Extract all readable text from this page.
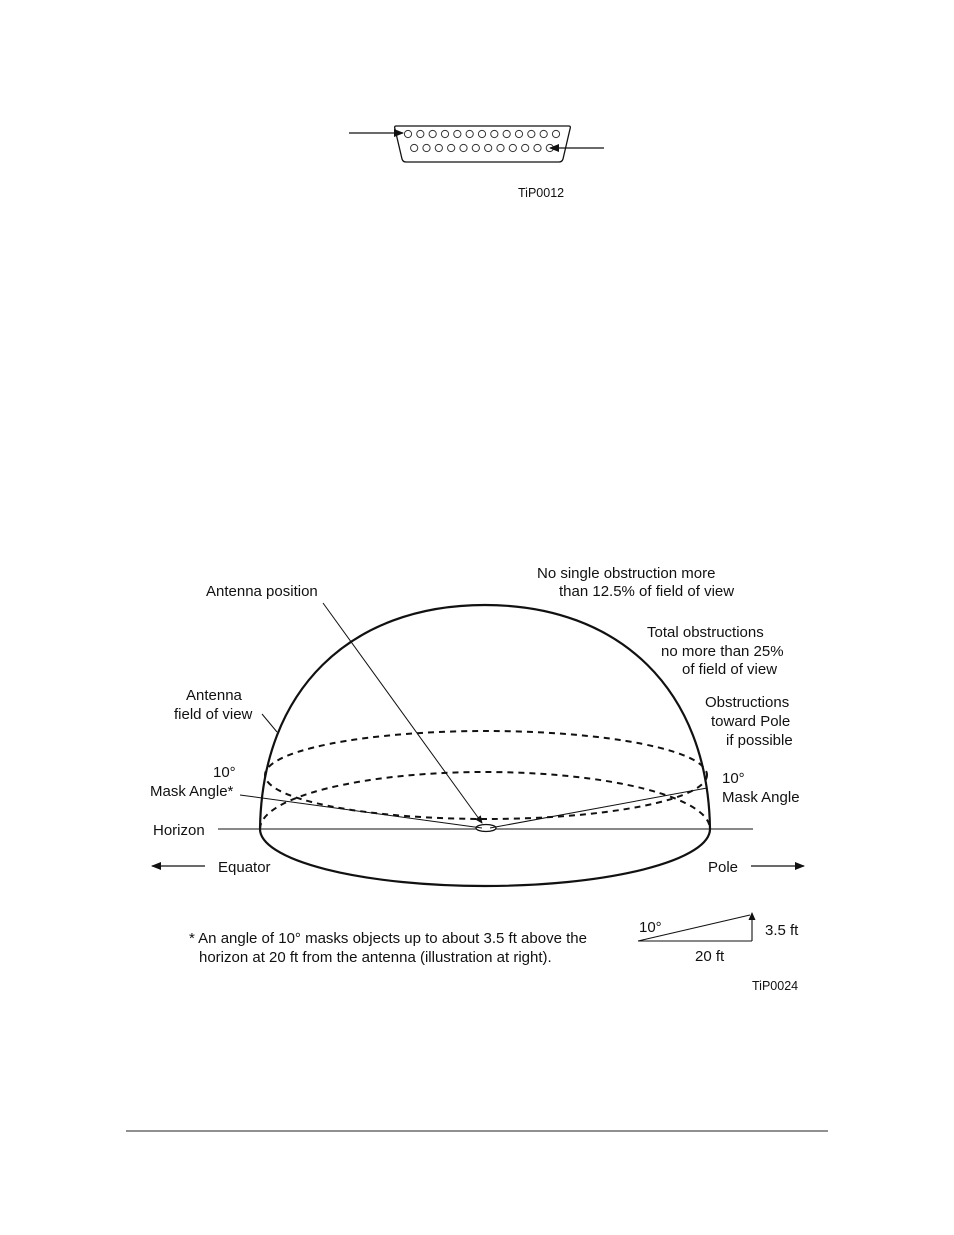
TiP0012
Antenna position
No single obstruction more
than 12.5% of field of view
Total obstructions
no more than 25%
of field of view
Obstructions
toward Pole
if possible
Antenna
field of view
10°
Mask Angle*
10°
Mask Angle
Horizon
Equator	Pole
* An angle of 10° masks objects up to about 3.5 ft above the
horizon at 20 ft from the antenna (illustration at right).
10°	3.5 ft
20 ft
TiP0024
